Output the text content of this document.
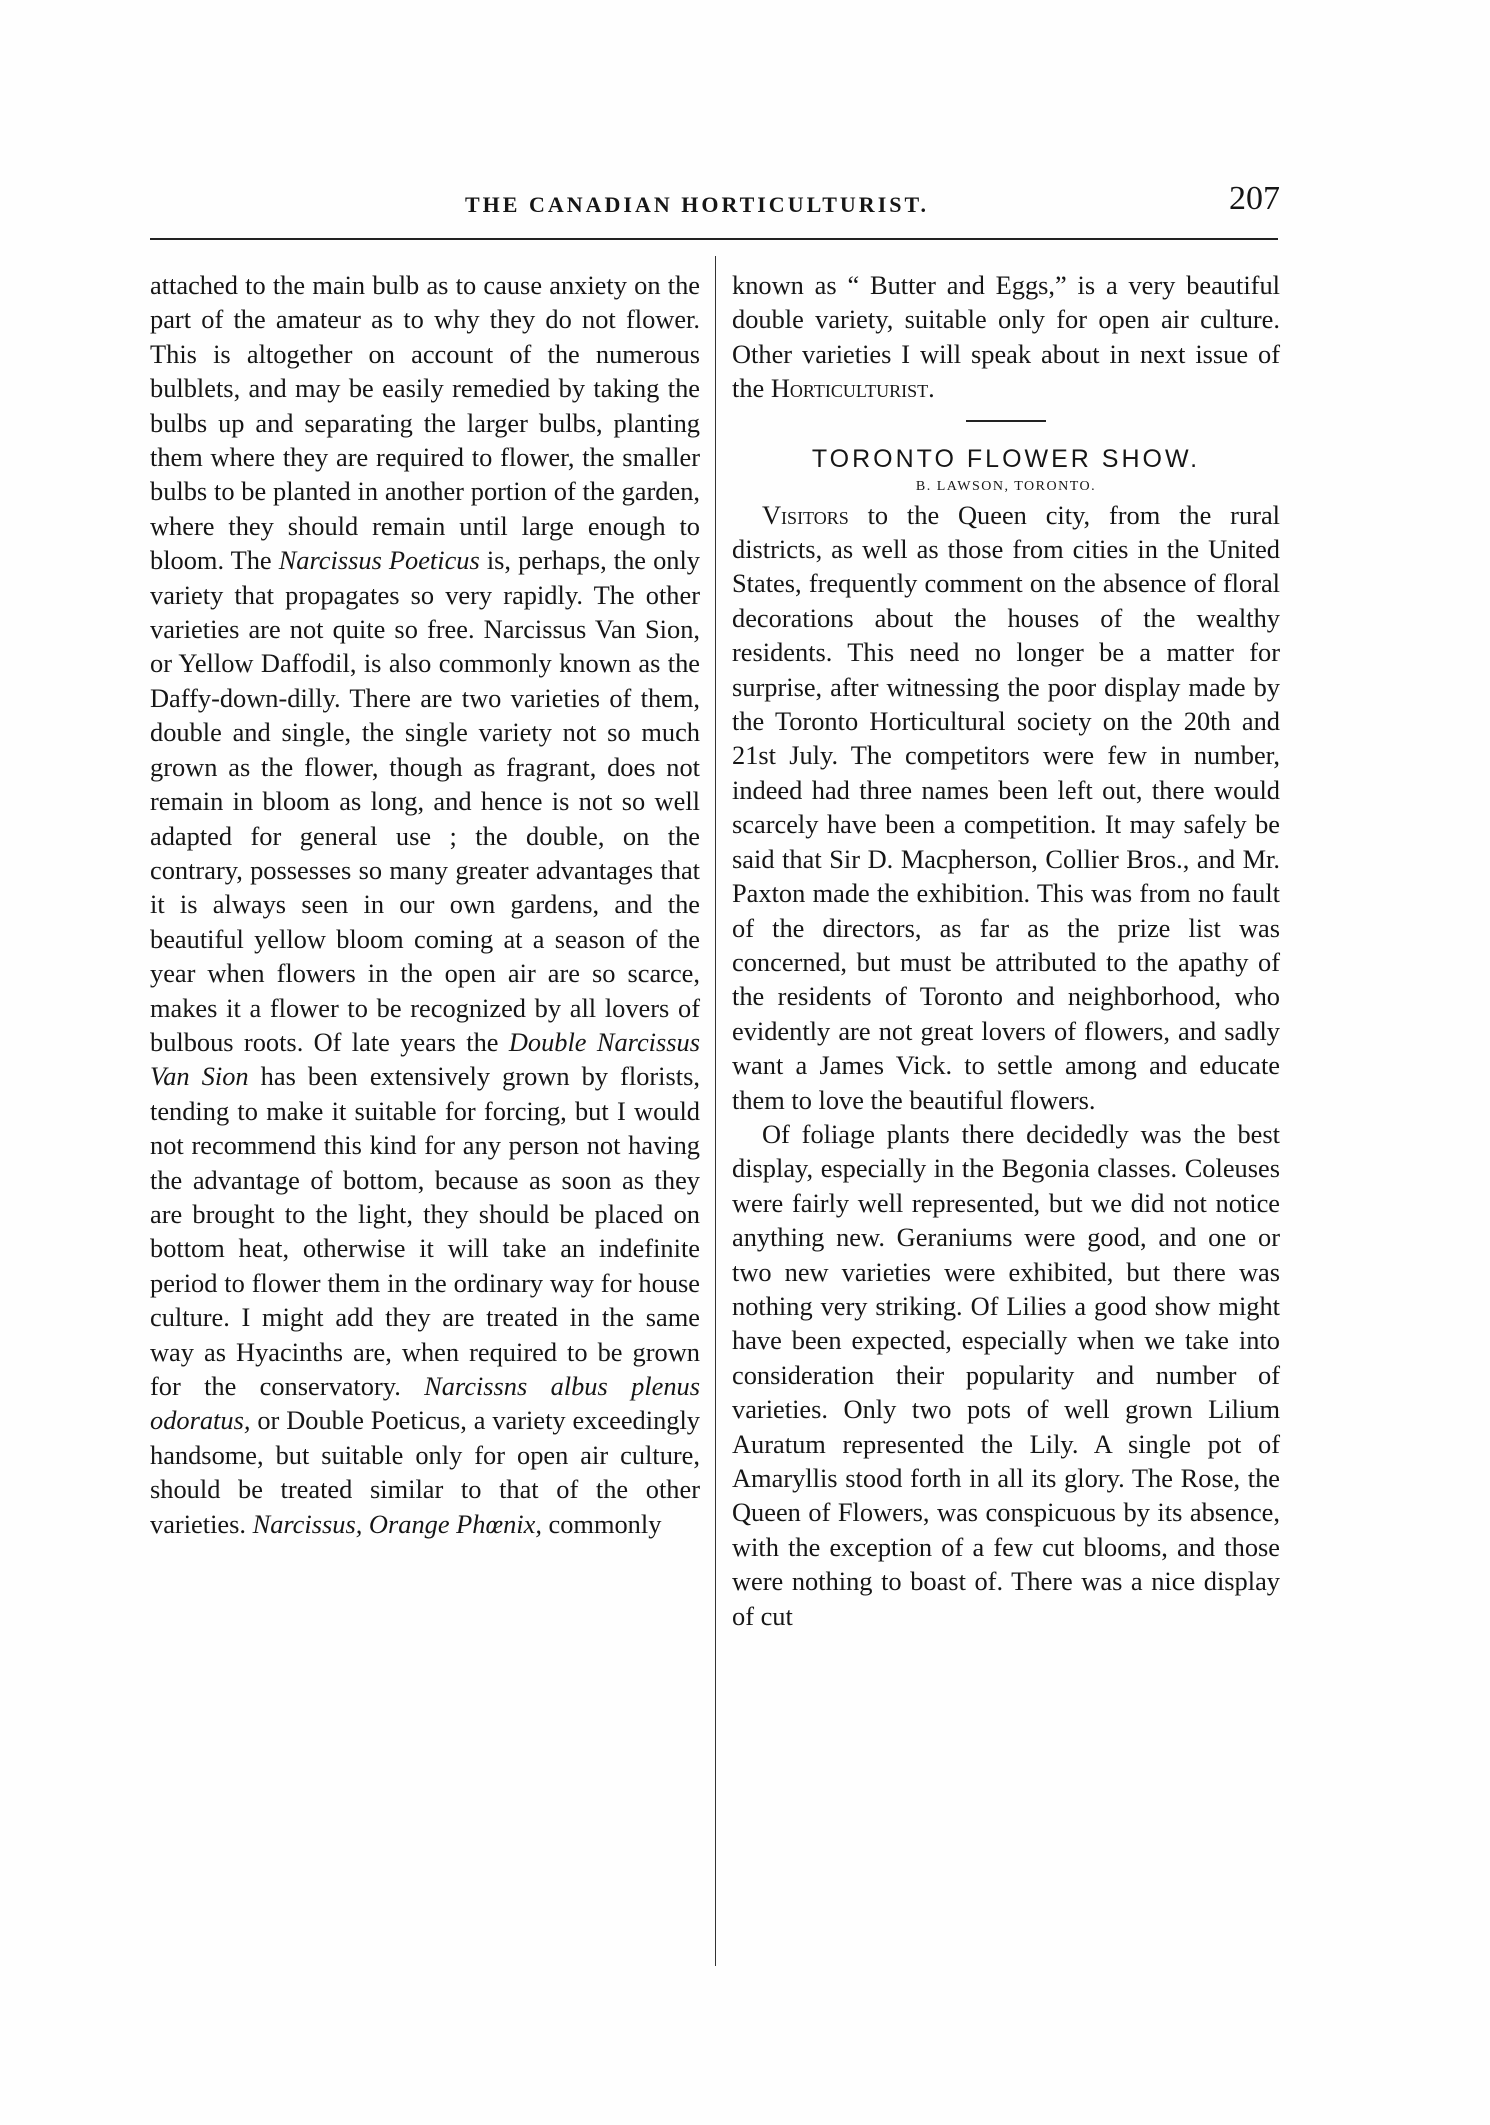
THE CANADIAN HORTICULTURIST.	207

attached to the main bulb as to cause anxiety on the part of the amateur as to why they do not flower. This is altogether on account of the numerous bulblets, and may be easily remedied by taking the bulbs up and separating the larger bulbs, planting them where they are required to flower, the smaller bulbs to be planted in another portion of the garden, where they should remain until large enough to bloom. The Narcissus Poeticus is, perhaps, the only variety that propagates so very rapidly. The other varieties are not quite so free. Narcissus Van Sion, or Yellow Daffodil, is also commonly known as the Daffy-down-dilly. There are two varieties of them, double and single, the single variety not so much grown as the flower, though as fragrant, does not remain in bloom as long, and hence is not so well adapted for general use ; the double, on the contrary, possesses so many greater advantages that it is always seen in our own gardens, and the beautiful yellow bloom coming at a season of the year when flowers in the open air are so scarce, makes it a flower to be recognized by all lovers of bulbous roots. Of late years the Double Narcissus Van Sion has been extensively grown by florists, tending to make it suitable for forcing, but I would not recommend this kind for any person not having the advantage of bottom, because as soon as they are brought to the light, they should be placed on bottom heat, otherwise it will take an indefinite period to flower them in the ordinary way for house culture. I might add they are treated in the same way as Hyacinths are, when required to be grown for the conservatory. Narcissns albus plenus odoratus, or Double Poeticus, a variety exceedingly handsome, but suitable only for open air culture, should be treated similar to that of the other varieties. Narcissus, Orange Phœnix, commonly

known as “ Butter and Eggs,” is a very beautiful double variety, suitable only for open air culture. Other varieties I will speak about in next issue of the Horticulturist.

TORONTO FLOWER SHOW.

B. LAWSON, TORONTO.

Visitors to the Queen city, from the rural districts, as well as those from cities in the United States, frequently comment on the absence of floral decorations about the houses of the wealthy residents. This need no longer be a matter for surprise, after witnessing the poor display made by the Toronto Horticultural society on the 20th and 21st July. The competitors were few in number, indeed had three names been left out, there would scarcely have been a competition. It may safely be said that Sir D. Macpherson, Collier Bros., and Mr. Paxton made the exhibition. This was from no fault of the directors, as far as the prize list was concerned, but must be attributed to the apathy of the residents of Toronto and neighborhood, who evidently are not great lovers of flowers, and sadly want a James Vick. to settle among and educate them to love the beautiful flowers.

Of foliage plants there decidedly was the best display, especially in the Begonia classes. Coleuses were fairly well represented, but we did not notice anything new. Geraniums were good, and one or two new varieties were exhibited, but there was nothing very striking. Of Lilies a good show might have been expected, especially when we take into consideration their popularity and number of varieties. Only two pots of well grown Lilium Auratum represented the Lily. A single pot of Amaryllis stood forth in all its glory. The Rose, the Queen of Flowers, was conspicuous by its absence, with the exception of a few cut blooms, and those were nothing to boast of. There was a nice display of cut
